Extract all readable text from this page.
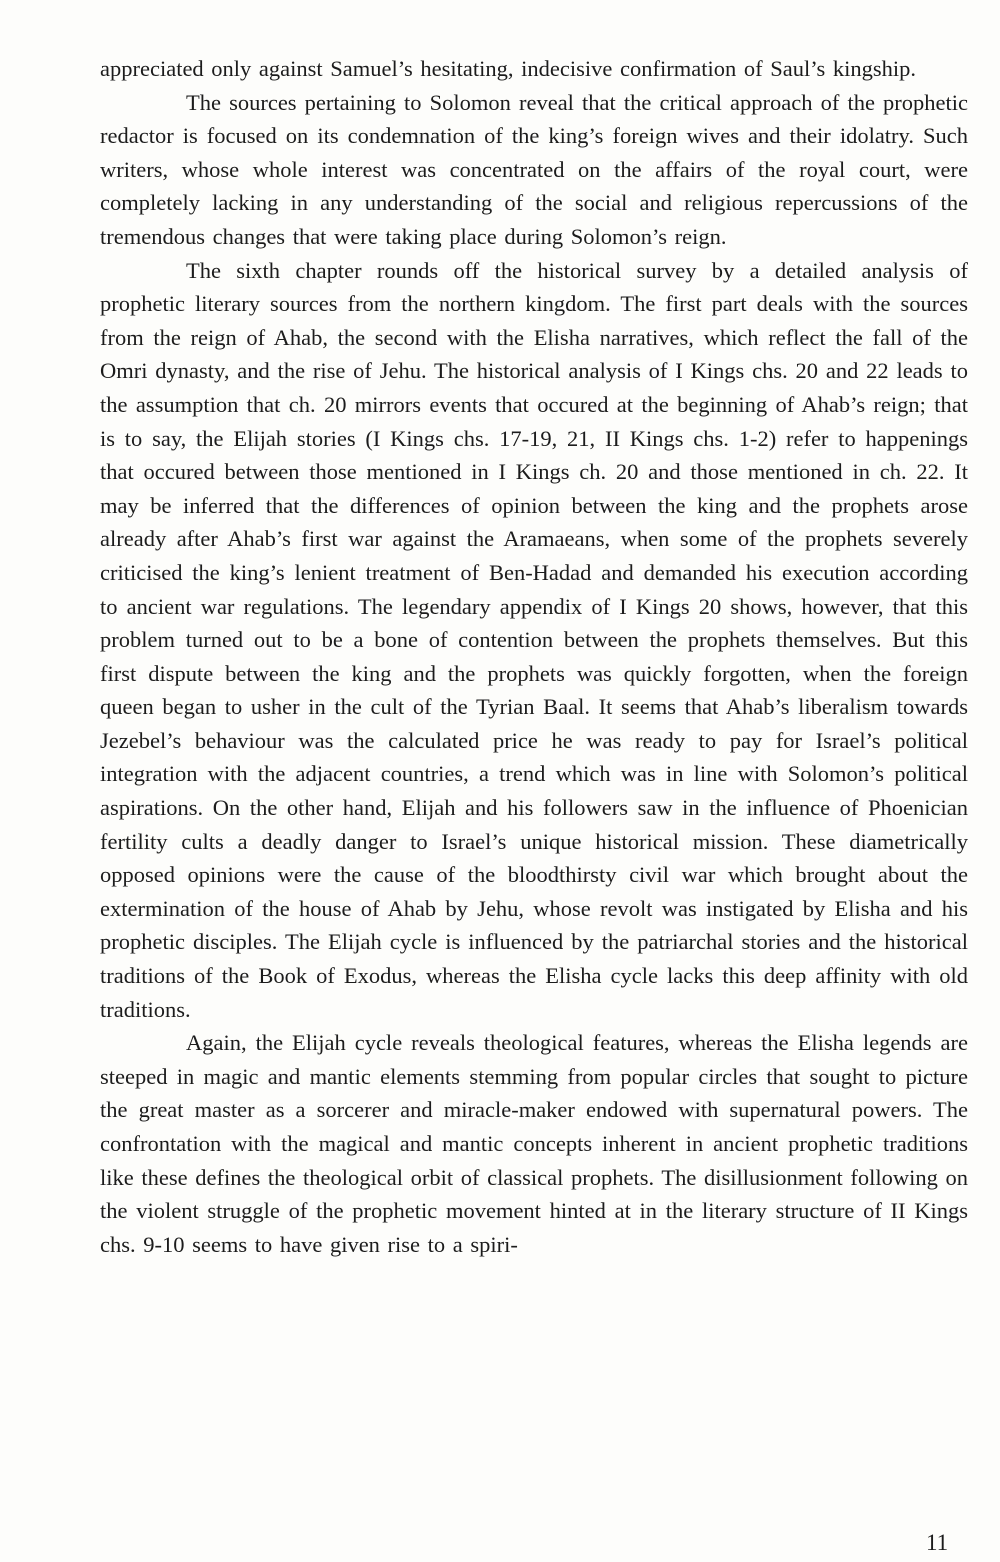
appreciated only against Samuel’s hesitating, indecisive confirmation of Saul’s kingship.

The sources pertaining to Solomon reveal that the critical approach of the prophetic redactor is focused on its condemnation of the king’s foreign wives and their idolatry. Such writers, whose whole interest was concentrated on the affairs of the royal court, were completely lacking in any understanding of the social and religious repercussions of the tremendous changes that were taking place during Solomon’s reign.

The sixth chapter rounds off the historical survey by a detailed analysis of prophetic literary sources from the northern kingdom. The first part deals with the sources from the reign of Ahab, the second with the Elisha narratives, which reflect the fall of the Omri dynasty, and the rise of Jehu. The historical analysis of I Kings chs. 20 and 22 leads to the assumption that ch. 20 mirrors events that occured at the beginning of Ahab’s reign; that is to say, the Elijah stories (I Kings chs. 17-19, 21, II Kings chs. 1-2) refer to happenings that occured between those mentioned in I Kings ch. 20 and those mentioned in ch. 22. It may be inferred that the differences of opinion between the king and the prophets arose already after Ahab’s first war against the Aramaeans, when some of the prophets severely criticised the king’s lenient treatment of Ben-Hadad and demanded his execution according to ancient war regulations. The legendary appendix of I Kings 20 shows, however, that this problem turned out to be a bone of contention between the prophets themselves. But this first dispute between the king and the prophets was quickly forgotten, when the foreign queen began to usher in the cult of the Tyrian Baal. It seems that Ahab’s liberalism towards Jezebel’s behaviour was the calculated price he was ready to pay for Israel’s political integration with the adjacent countries, a trend which was in line with Solomon’s political aspirations. On the other hand, Elijah and his followers saw in the influence of Phoenician fertility cults a deadly danger to Israel’s unique historical mission. These diametrically opposed opinions were the cause of the bloodthirsty civil war which brought about the extermination of the house of Ahab by Jehu, whose revolt was instigated by Elisha and his prophetic disciples. The Elijah cycle is influenced by the patriarchal stories and the historical traditions of the Book of Exodus, whereas the Elisha cycle lacks this deep affinity with old traditions.

Again, the Elijah cycle reveals theological features, whereas the Elisha legends are steeped in magic and mantic elements stemming from popular circles that sought to picture the great master as a sorcerer and miracle-maker endowed with supernatural powers. The confrontation with the magical and mantic concepts inherent in ancient prophetic traditions like these defines the theological orbit of classical prophets. The disillusionment following on the violent struggle of the prophetic movement hinted at in the literary structure of II Kings chs. 9-10 seems to have given rise to a spiri-

11
